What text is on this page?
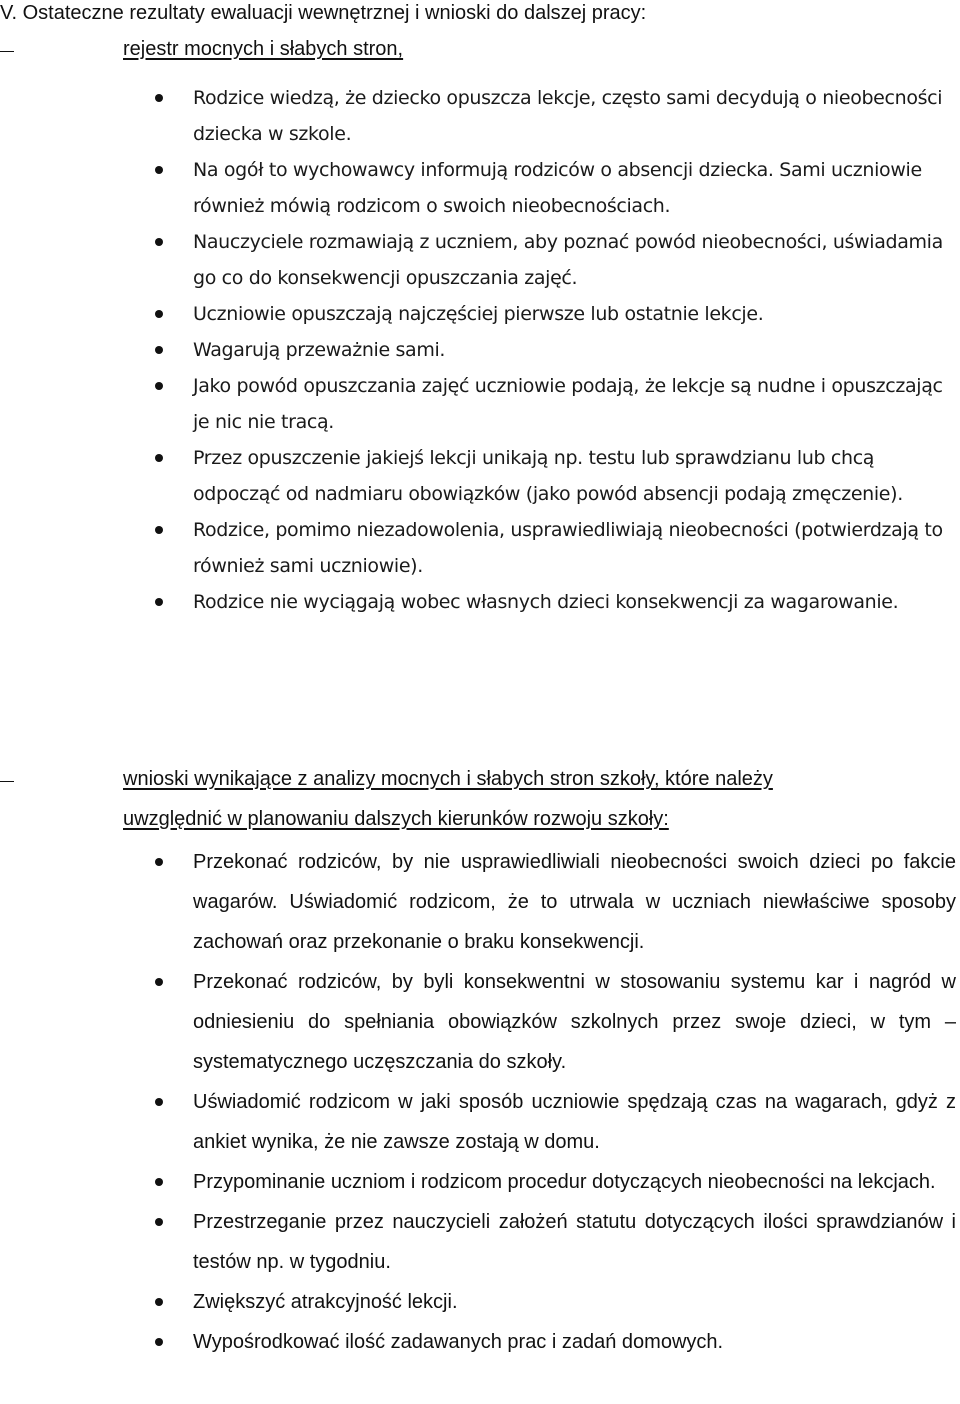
V. Ostateczne rezultaty ewaluacji wewnętrznej i wnioski do dalszej pracy:
rejestr mocnych i słabych stron,
Rodzice wiedzą, że dziecko opuszcza lekcje, często sami decydują o nieobecności dziecka w szkole.
Na ogół to wychowawcy informują rodziców o absencji dziecka. Sami uczniowie również mówią rodzicom o swoich nieobecnościach.
Nauczyciele rozmawiają z uczniem, aby poznać powód nieobecności, uświadamia go co do konsekwencji opuszczania zajęć.
Uczniowie opuszczają najczęściej pierwsze lub ostatnie lekcje.
Wagarują przeważnie sami.
Jako powód opuszczania zajęć uczniowie podają, że lekcje są nudne i opuszczając je nic nie tracą.
Przez opuszczenie jakiejś lekcji unikają np. testu lub sprawdzianu lub chcą odpocząć od nadmiaru obowiązków (jako powód absencji podają zmęczenie).
Rodzice, pomimo niezadowolenia, usprawiedliwiają nieobecności (potwierdzają to również sami uczniowie).
Rodzice nie wyciągają wobec własnych dzieci konsekwencji za wagarowanie.
wnioski wynikające z analizy mocnych i słabych stron szkoły, które należy
uwzględnić w planowaniu dalszych kierunków rozwoju szkoły:
Przekonać rodziców, by nie usprawiedliwiali nieobecności swoich dzieci po fakcie wagarów. Uświadomić rodzicom, że to utrwala w uczniach niewłaściwe sposoby zachowań oraz przekonanie o braku konsekwencji.
Przekonać rodziców, by byli konsekwentni w stosowaniu systemu kar i nagród w odniesieniu do spełniania obowiązków szkolnych przez swoje dzieci, w tym – systematycznego uczęszczania do szkoły.
Uświadomić rodzicom w jaki sposób uczniowie spędzają czas na wagarach, gdyż z ankiet wynika, że nie zawsze zostają w domu.
Przypominanie uczniom i rodzicom procedur dotyczących nieobecności na lekcjach.
Przestrzeganie przez nauczycieli założeń statutu dotyczących ilości sprawdzianów i testów np. w tygodniu.
Zwiększyć atrakcyjność lekcji.
Wypośrodkować ilość zadawanych prac i zadań domowych.
